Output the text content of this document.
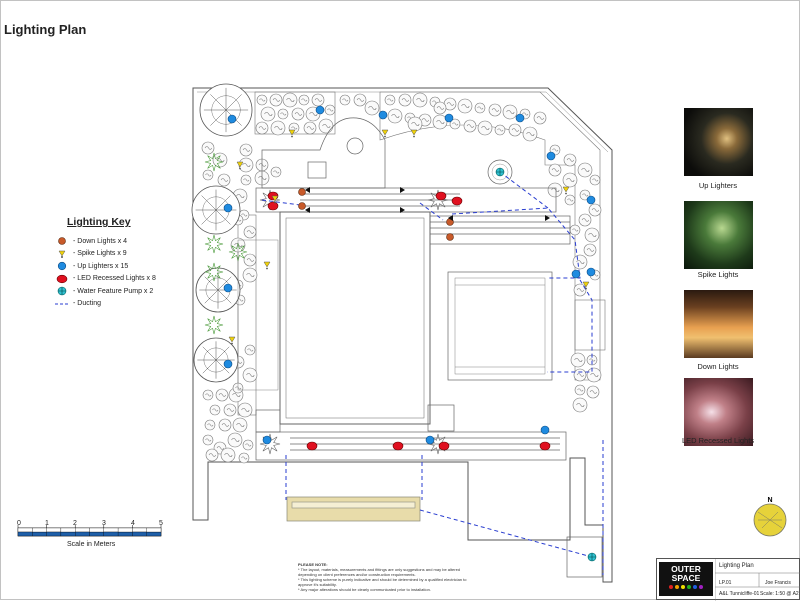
Lighting Plan
N
Lighting Key
- Down Lights x 4
- Spike Lights x 9
- Up Lighters x 15
- LED Recessed Lights x 8
- Water Feature Pump x 2
- Ducting
0	1	2	3	4	5
Scale in Meters
Up Lighters
Spike Lights
Down Lights
LED Recessed Lights
PLEASE NOTE:
* The layout, materials, measurements and fittings are only suggestions and may be altered depending on client preferences and/or construction requirements.
* This lighting scheme is purely indicative and should be determined by a qualified electrician to approve it's suitability.
* Any major alterations should be clearly communicated prior to installation.
OUTER
SPACE
Lighting Plan
LP.01	Joe Francis
A&L Tunnicliffe-01 Scale: 1:50 @ A2
